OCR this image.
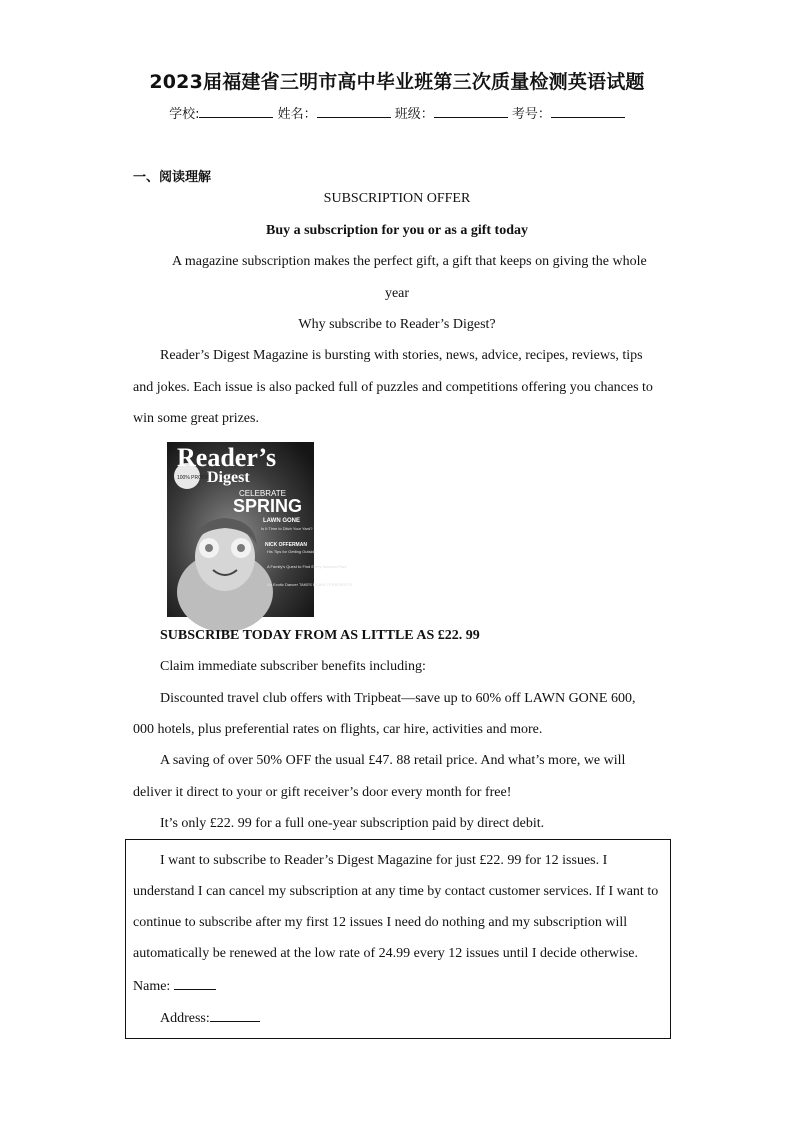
2023届福建省三明市高中毕业班第三次质量检测英语试题
学校:	姓名：	班级：	考号：
一、阅读理解
SUBSCRIPTION OFFER
Buy a subscription for you or as a gift today
A magazine subscription makes the perfect gift, a gift that keeps on giving the whole
year
Why subscribe to Reader’s Digest?
Reader’s Digest Magazine is bursting with stories, news, advice, recipes, reviews, tips
and jokes. Each issue is also packed full of puzzles and competitions offering you chances to
win some great prizes.
Reader’s
Digest
100% PROOF
CELEBRATE
SPRING
LAWN GONE
Is It Time to Ditch Your Yard?
NICK OFFERMAN
His Tips for Getting Outside
A Family's Quest to Find Every National Park
An Exotic Dancer TAKES DOWN TERRORISTS
SUBSCRIBE TODAY FROM AS LITTLE AS £22. 99
Claim immediate subscriber benefits including:
Discounted travel club offers with Tripbeat—save up to 60% off LAWN GONE 600,
000 hotels, plus preferential rates on flights, car hire, activities and more.
A saving of over 50% OFF the usual £47. 88 retail price. And what’s more, we will
deliver it direct to your or gift receiver’s door every month for free!
It’s only £22. 99 for a full one-year subscription paid by direct debit.
I want to subscribe to Reader’s Digest Magazine for just £22. 99 for 12 issues. I
understand I can cancel my subscription at any time by contact customer services. If I want to
continue to subscribe after my first 12 issues I need do nothing and my subscription will
automatically be renewed at the low rate of 24.99 every 12 issues until I decide otherwise.
Name:
Address:
